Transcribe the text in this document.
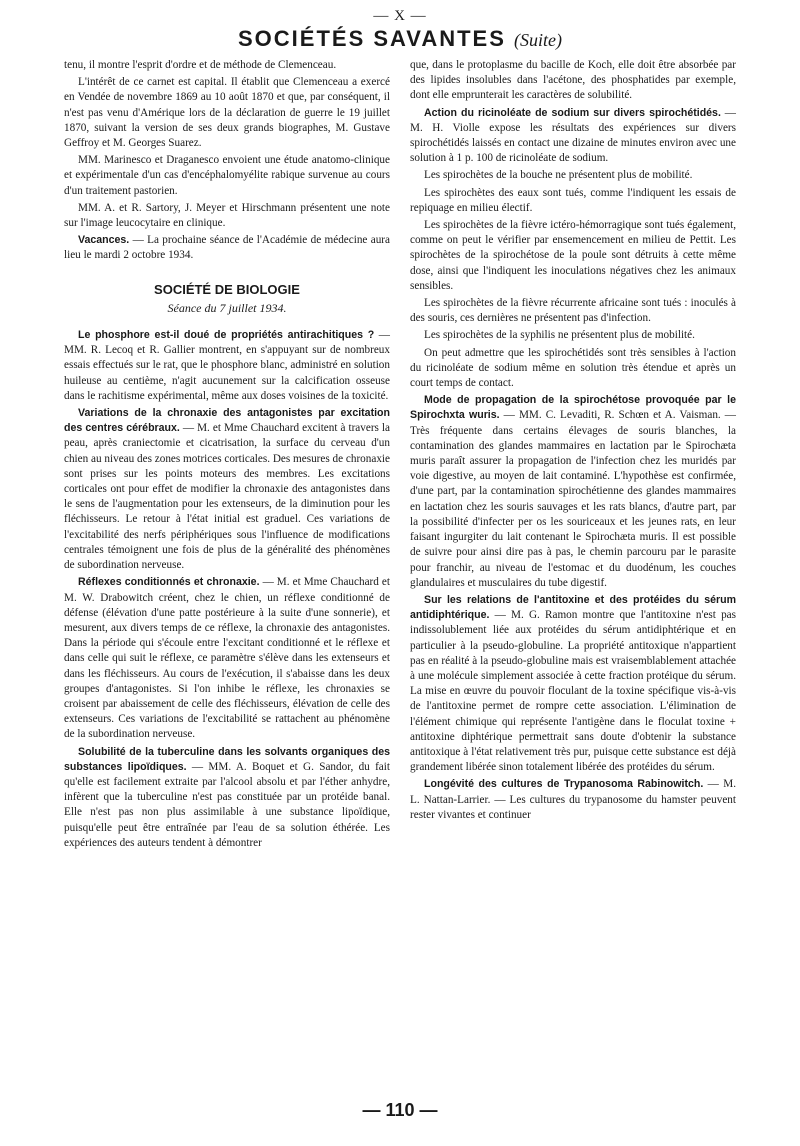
— X —
SOCIÉTÉS SAVANTES (Suite)

tenu, il montre l'esprit d'ordre et de méthode de Clemenceau.

L'intérêt de ce carnet est capital. Il établit que Clemenceau a exercé en Vendée de novembre 1869 au 10 août 1870 et que, par conséquent, il n'est pas venu d'Amérique lors de la déclaration de guerre le 19 juillet 1870, suivant la version de ses deux grands biographes, M. Gustave Geffroy et M. Georges Suarez.

MM. Marinesco et Draganesco envoient une étude anatomo-clinique et expérimentale d'un cas d'encéphalomyélite rabique survenue au cours d'un traitement pastorien.

MM. A. et R. Sartory, J. Meyer et Hirschmann présentent une note sur l'image leucocytaire en clinique.

Vacances. — La prochaine séance de l'Académie de médecine aura lieu le mardi 2 octobre 1934.

SOCIÉTÉ DE BIOLOGIE
Séance du 7 juillet 1934.

Le phosphore est-il doué de propriétés antirachitiques ? — MM. R. Lecoq et R. Gallier montrent, en s'appuyant sur de nombreux essais effectués sur le rat, que le phosphore blanc, administré en solution huileuse au centième, n'agit aucunement sur la calcification osseuse dans le rachitisme expérimental, même aux doses voisines de la toxicité.

Variations de la chronaxie des antagonistes par excitation des centres cérébraux. — M. et Mme Chauchard excitent à travers la peau, après craniectomie et cicatrisation, la surface du cerveau d'un chien au niveau des zones motrices corticales. Des mesures de chronaxie sont prises sur les points moteurs des membres. Les excitations corticales ont pour effet de modifier la chronaxie des antagonistes dans le sens de l'augmentation pour les extenseurs, de la diminution pour les fléchisseurs. Le retour à l'état initial est graduel. Ces variations de l'excitabilité des nerfs périphériques sous l'influence de modifications centrales témoignent une fois de plus de la généralité des phénomènes de subordination nerveuse.

Réflexes conditionnés et chronaxie. — M. et Mme Chauchard et M. W. Drabowitch créent, chez le chien, un réflexe conditionné de défense (élévation d'une patte postérieure à la suite d'une sonnerie), et mesurent, aux divers temps de ce réflexe, la chronaxie des antagonistes. Dans la période qui s'écoule entre l'excitant conditionné et le réflexe et dans celle qui suit le réflexe, ce paramètre s'élève dans les extenseurs et dans les fléchisseurs. Au cours de l'exécution, il s'abaisse dans les deux groupes d'antagonistes. Si l'on inhibe le réflexe, les chronaxies se croisent par abaissement de celle des fléchisseurs, élévation de celle des extenseurs. Ces variations de l'excitabilité se rattachent au phénomène de la subordination nerveuse.

Solubilité de la tuberculine dans les solvants organiques des substances lipoïdiques. — MM. A. Boquet et G. Sandor, du fait qu'elle est facilement extraite par l'alcool absolu et par l'éther anhydre, infèrent que la tuberculine n'est pas constituée par un protéide banal. Elle n'est pas non plus assimilable à une substance lipoïdique, puisqu'elle peut être entraînée par l'eau de sa solution éthérée. Les expériences des auteurs tendent à démontrer

que, dans le protoplasme du bacille de Koch, elle doit être absorbée par des lipides insolubles dans l'acétone, des phosphatides par exemple, dont elle emprunterait les caractères de solubilité.

Action du ricinoléate de sodium sur divers spirochétidés. — M. H. Violle expose les résultats des expériences sur divers spirochétidés laissés en contact une dizaine de minutes environ avec une solution à 1 p. 100 de ricinoléate de sodium.

Les spirochètes de la bouche ne présentent plus de mobilité.

Les spirochètes des eaux sont tués, comme l'indiquent les essais de repiquage en milieu électif.

Les spirochètes de la fièvre ictéro-hémorragique sont tués également, comme on peut le vérifier par ensemencement en milieu de Pettit. Les spirochètes de la spirochétose de la poule sont détruits à cette même dose, ainsi que l'indiquent les inoculations négatives chez les animaux sensibles.

Les spirochètes de la fièvre récurrente africaine sont tués : inoculés à des souris, ces dernières ne présentent pas d'infection.

Les spirochètes de la syphilis ne présentent plus de mobilité.

On peut admettre que les spirochétidés sont très sensibles à l'action du ricinoléate de sodium même en solution très étendue et après un court temps de contact.

Mode de propagation de la spirochétose provoquée par le Spirochxta wuris. — MM. C. Levaditi, R. Schœn et A. Vaisman. — Très fréquente dans certains élevages de souris blanches, la contamination des glandes mammaires en lactation par le Spirochæta muris paraît assurer la propagation de l'infection chez les muridés par voie digestive, au moyen de lait contaminé. L'hypothèse est confirmée, d'une part, par la contamination spirochétienne des glandes mammaires en lactation chez les souris sauvages et les rats blancs, d'autre part, par la possibilité d'infecter per os les souriceaux et les jeunes rats, en leur faisant ingurgiter du lait contenant le Spirochæta muris. Il est possible de suivre pour ainsi dire pas à pas, le chemin parcouru par le parasite pour franchir, au niveau de l'estomac et du duodénum, les couches glandulaires et musculaires du tube digestif.

Sur les relations de l'antitoxine et des protéides du sérum antidiphtérique. — M. G. Ramon montre que l'antitoxine n'est pas indissolublement liée aux protéides du sérum antidiphtérique et en particulier à la pseudo-globuline. La propriété antitoxique n'appartient pas en réalité à la pseudo-globuline mais est vraisemblablement attachée à une molécule simplement associée à cette fraction protéique du sérum. La mise en œuvre du pouvoir floculant de la toxine spécifique vis-à-vis de l'antitoxine permet de rompre cette association. L'élimination de l'élément chimique qui représente l'antigène dans le floculat toxine + antitoxine diphtérique permettrait sans doute d'obtenir la substance antitoxique à l'état relativement très pur, puisque cette substance est déjà grandement libérée sinon totalement libérée des protéides du sérum.

Longévité des cultures de Trypanosoma Rabinowitch. — M. L. Nattan-Larrier. — Les cultures du trypanosome du hamster peuvent rester vivantes et continuer

— 110 —
